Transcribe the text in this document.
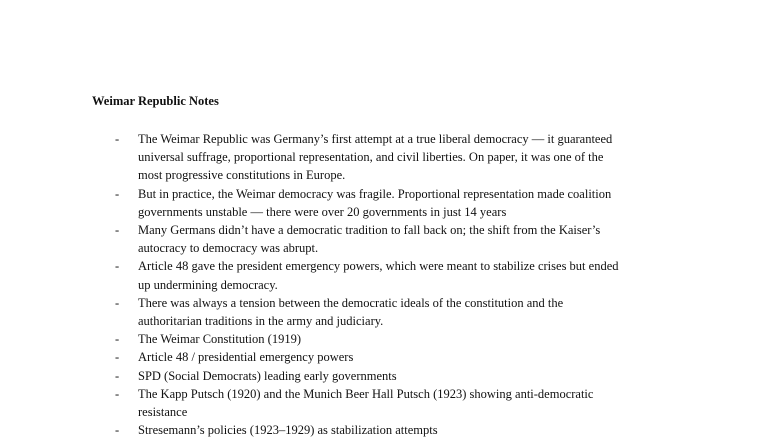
Weimar Republic Notes
- The Weimar Republic was Germany’s first attempt at a true liberal democracy — it guaranteed
universal suffrage, proportional representation, and civil liberties. On paper, it was one of the
most progressive constitutions in Europe.
- But in practice, the Weimar democracy was fragile. Proportional representation made coalition
governments unstable — there were over 20 governments in just 14 years
- Many Germans didn’t have a democratic tradition to fall back on; the shift from the Kaiser’s
autocracy to democracy was abrupt.
- Article 48 gave the president emergency powers, which were meant to stabilize crises but ended
up undermining democracy.
- There was always a tension between the democratic ideals of the constitution and the
authoritarian traditions in the army and judiciary.
- The Weimar Constitution (1919)
- Article 48 / presidential emergency powers
- SPD (Social Democrats) leading early governments
- The Kapp Putsch (1920) and the Munich Beer Hall Putsch (1923) showing anti-democratic
resistance
- Stresemann’s policies (1923–1929) as stabilization attempts
